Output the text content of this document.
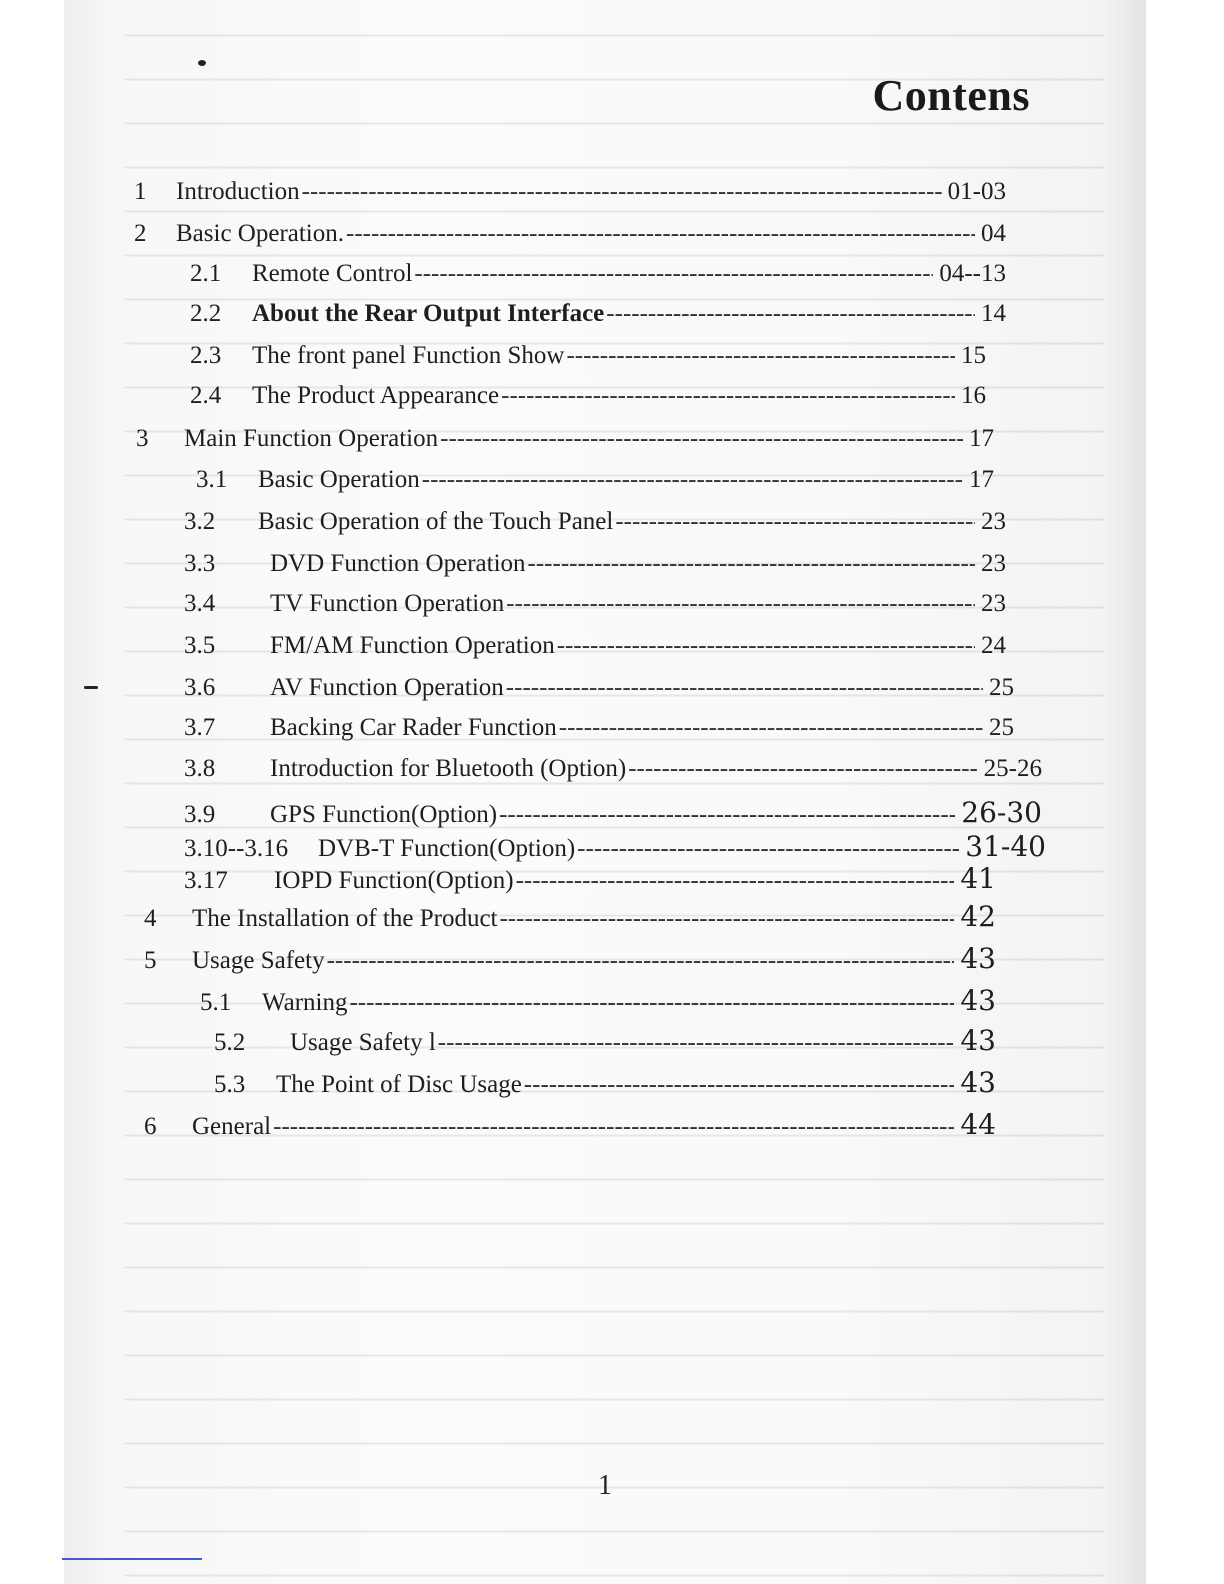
Contens
1	Introduction -----	01-03
2	Basic Operation. -----	04
2.1	Remote Control -----	04--13
2.2	About the Rear Output Interface -----	14
2.3	The front panel Function Show -----	15
2.4	The Product Appearance -----	16
3	Main Function Operation -----	17
3.1	Basic Operation -----	17
3.2	Basic Operation of the Touch Panel -----	23
3.3	DVD Function Operation -----	23
3.4	TV Function Operation -----	23
3.5	FM/AM Function Operation -----	24
3.6	AV Function Operation -----	25
3.7	Backing Car Rader Function -----	25
3.8	Introduction for Bluetooth (Option) -----	25-26
3.9	GPS Function(Option) -----	26-30
3.10--3.16	DVB-T Function(Option) -----	31-40
3.17	IOPD Function(Option) -----	41
4	The Installation of the Product -----	42
5	Usage Safety -----	43
5.1	Warning -----	43
5.2	Usage Safety l -----	43
5.3	The Point of Disc Usage -----	43
6	General -----	44
1
